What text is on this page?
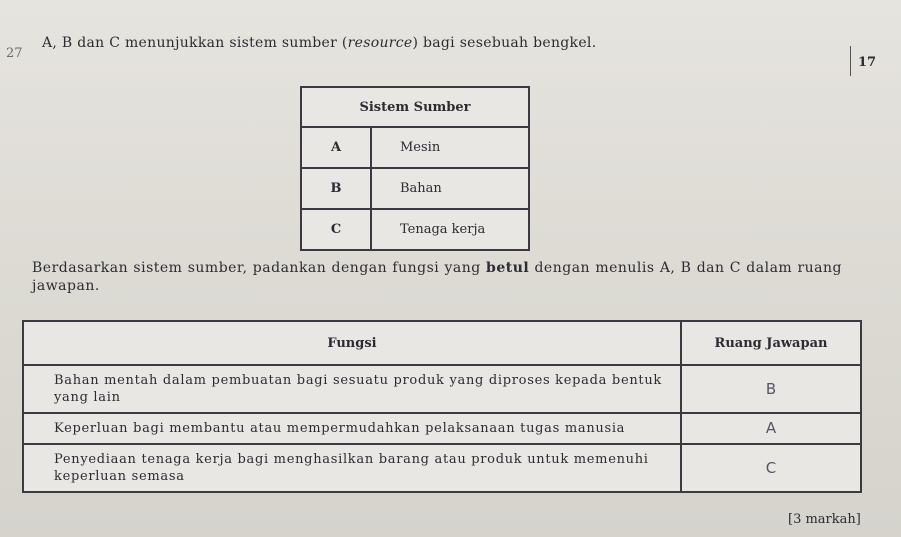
27
A, B dan C menunjukkan sistem sumber (resource) bagi sesebuah bengkel.
17
Sistem Sumber	
A	Mesin
B	Bahan
C	Tenaga kerja
Berdasarkan sistem sumber, padankan dengan fungsi yang betul dengan menulis A, B dan C dalam ruang jawapan.
Fungsi	Ruang Jawapan
Bahan mentah dalam pembuatan bagi sesuatu produk yang diproses kepada bentuk yang lain	B
Keperluan bagi membantu atau mempermudahkan pelaksanaan tugas manusia	A
Penyediaan tenaga kerja bagi menghasilkan barang atau produk untuk memenuhi keperluan semasa	C
[3 markah]
